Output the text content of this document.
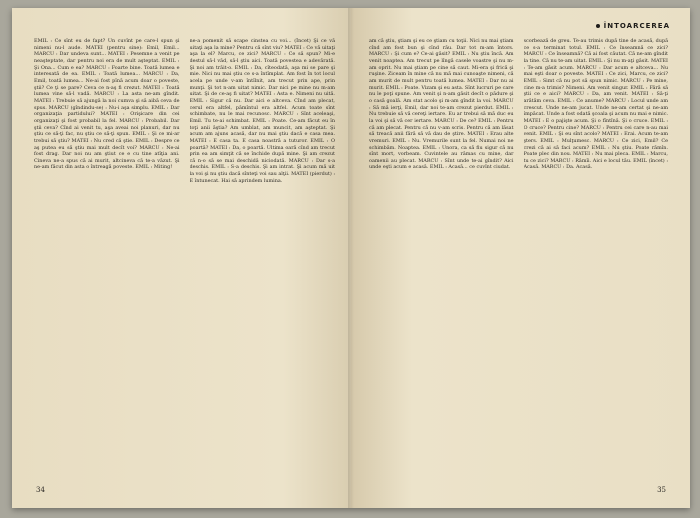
EMIL : Ce sînt eu de fapt? Un cuvînt pe care-l spun şi nimeni nu-l aude. MATEI (pentru sine): Emil, Emil... MARCU : Dar undeva sunt... MATEI : Pesemne a venit pe neaşteptate, dar pentru noi era de mult aşteptat. EMIL : Şi Ona... Cum e ea? MARCU : Foarte bine. Toată lumea e interesată de ea. EMIL : Toată lumea... MARCU : Da, Emil, toată lumea... Ne-ai fost pînă acum doar o poveste, ştii? Ce ţi se pare? Ceva ce n-aş fi crezut. MATEI : Toată lumea vine să-l vadă. MARCU : La asta ne-am gîndit. MATEI : Trebuie să ajungă la noi cumva şi să aibă ceva de spus. MARCU (gîndindu-se) : Nu-i aşa simplu. EMIL : Dar organizaţia partidului? MATEI : Orişicare din cei organizaţi şi fost probabil la fel. MARCU : Probabil. Dar ştii ceva? Cînd ai venit tu, aşa aveai noi planuri, dar nu ştiu ce să-ţi fac, nu ştiu ce să-ţi spun. EMIL : Şi ce mi-ar trebui să ştiu? MATEI : Nu cred că ştie. EMIL : Despre ce aş putea eu să ştiu mai mult decît voi? MARCU : Ne-ai fost drag. Dar noi nu am ştiut ce e cu tine atîţia ani. Cineva ne-a spus că ai murit, altcineva că te-a văzut. Şi ne-am făcut din asta o întreagă poveste. EMIL : Miting!

ne-a pomenit să scape cinstea cu voi... (Încet) Şi ce vă uitaţi aşa la mine? Pentru că sînt viu? MATEI : Ce vă uitaţi aşa la el? Marcu, ce zici? MARCU : Ce să spun? Mi-e destul să-l văd, să-l ştiu aici. Toată povestea e adevărată. Şi noi am trăit-o. EMIL : Da, cîteodată, aşa mi se pare şi mie. Nici nu mai ştiu ce s-a întîmplat. Am fost în tot locul acela pe unde v-am întîlnit, am trecut prin ape, prin munţi. Şi tot n-am uitat nimic. Dar nici pe mine nu m-am uitat. Şi de ce-aş fi uitat? MATEI : Asta e. Nimeni nu uită. EMIL : Sigur că nu. Dar aici e altceva. Cînd am plecat, cerul era altfel, pămîntul era altfel. Acum toate sînt schimbate, nu le mai recunosc. MARCU : Sînt aceleaşi, Emil. Tu te-ai schimbat. EMIL : Poate. Ce-am făcut eu în toţi anii ăştia? Am umblat, am muncit, am aşteptat. Şi acum am ajuns acasă, dar nu mai ştiu dacă e casa mea. MATEI : E casa ta. E casa noastră a tuturor. EMIL : O poartă? MATEI : Da, o poartă. Ultima oară cînd am trecut prin ea am simţit că se închide după mine. Şi am crezut că n-o să se mai deschidă niciodată. MARCU : Dar s-a deschis. EMIL : S-a deschis. Şi am intrat. Şi acum mă uit la voi şi nu ştiu dacă sînteţi voi sau alţii. MATEI (pierdut) : E întunecat. Hai să aprindem lumina.

34
ÎNTOARCEREA

am că ştiu, ştiam şi eu ce ştiam cu toţii. Nici nu mai ştiam cînd am fost bun şi cînd rău. Dar tot m-am întors. MARCU : Şi cum e? Ce-ai găsit? EMIL : Nu ştiu încă. Am venit noaptea. Am trecut pe lîngă casele voastre şi nu m-am oprit. Nu mai ştiam pe cine să caut. Mi-era şi frică şi ruşine. Ziceam în mine că nu mă mai cunoaşte nimeni, că am murit de mult pentru toată lumea. MATEI : Dar nu ai murit. EMIL : Poate. Vizam şi eu asta. Sînt lucruri pe care nu le poţi spune. Am venit şi n-am găsit decît o pădure şi o casă goală. Am stat acolo şi m-am gîndit la voi. MARCU : Să mă ierţi, Emil, dar noi te-am crezut pierdut. EMIL : Nu trebuie să vă cereţi iertare. Eu ar trebui să mă duc eu la voi şi să vă cer iertare. MARCU : De ce? EMIL : Pentru că am plecat. Pentru că nu v-am scris. Pentru că am lăsat să treacă anii fără să vă dau de ştire. MATEI : Erau alte vremuri. EMIL : Nu. Vremurile sunt la fel. Numai noi ne schimbăm. Noaptea. EMIL : Unora, ca să fiu sigur că nu sînt mort, vorbeam. Cuvintele au rămas cu mine, dar oamenii au plecat. MARCU : Sînt unde te-ai gîndit? Aici unde eşti acum e acasă. EMIL : Acasă... ce cuvînt ciudat.

scorbează de greu. Te-au trimis după tine de acasă, după ce s-a terminat totul. EMIL : Ce înseamnă ce zici? MARCU : Ce înseamnă? Că ai fost căutat. Că ne-am gîndit la tine. Că nu te-am uitat. EMIL : Şi nu m-aţi găsit. MATEI : Te-am găsit acum. MARCU : Dar acum e altceva... Nu mai eşti doar o poveste. MATEI : Ce zici, Marcu, ce zici? EMIL : Simt că nu pot să spun nimic. MARCU : Pe mine, cine m-a trimis? Nimeni. Am venit singur. EMIL : Fără să ştii ce e aici? MARCU : Da, am venit. MATEI : Să-ţi arătăm ceva. EMIL : Ce anume? MARCU : Locul unde am crescut. Unde ne-am jucat. Unde ne-am certat şi ne-am împăcat. Unde a fost odată şcoala şi acum nu mai e nimic. MATEI : E o pajişte acum. Şi o fîntînă. Şi o cruce. EMIL : O cruce? Pentru cine? MARCU : Pentru cei care n-au mai venit. EMIL : Şi eu sînt acolo? MATEI : Erai. Acum te-am şters. EMIL : Mulţumesc. MARCU : Ce zici, Emil? Ce crezi că ai să faci acum? EMIL : Nu ştiu. Poate rămîn. Poate plec din nou. MATEI : Nu mai pleca. EMIL : Marcu, tu ce zici? MARCU : Rămîi. Aici e locul tău. EMIL (încet) : Acasă. MARCU : Da. Acasă.

35
